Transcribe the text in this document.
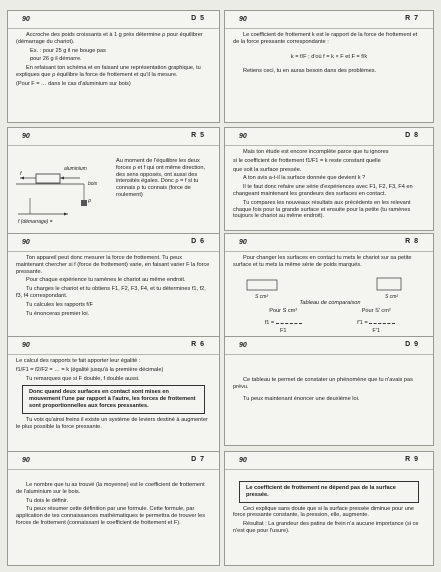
90	D 5

Accroche des poids croissants et à 1 g près détermine ρ pour équilibrer (démarrage du chariot).

Ex. : pour 25 g il ne bouge pas

pour 26 g il démarre.

En refaisant ton schéma et en faisant une représentation graphique, tu expliques que ρ équilibre la force de frottement et qu'il la mesure.

(Pour F = … dans le cas d'aluminium sur bois)

90	R 5
aluminium
bois
f
ρ
f (démarrage) =

Au moment de l'équilibre les deux forces ρ et f qui ont même direction, des sens opposés, ont aussi des intensités égales. Donc ρ = f si tu connais ρ tu connais (force de roulement)

90	D 6

Ton appareil peut donc mesurer la force de frottement. Tu peux maintenant chercher si f (force de frottement) varie, en faisant varier F la force pressante.

Pour chaque expérience tu ramènes le chariot au même endroit.

Tu charges le chariot et tu obtiens F1, F2, F3, F4, et tu détermines f1, f2, f3, f4 correspondant.

Tu calcules les rapports f/F

Tu énonceras premier loi.

90	R 6

Le calcul des rapports te fait apporter leur égalité :

f1/F1 = f2/F2 = … = k (égalité jusqu'à la première décimale)

Tu remarques que si F double, f double aussi.

Donc quand deux surfaces en contact sont mises en mouvement l'une par rapport à l'autre, les forces de frottement sont proportionnelles aux forces pressantes.

Tu vois qu'ainsi freins il existe un système de leviers destiné à augmenter le plus possible la force pressante.

90	D 7

Le nombre que tu as trouvé (la moyenne) est le coefficient de frottement de l'aluminium sur le bois.

Tu dois le définir.

Tu peux résumer cette définition par une formule. Cette formule, par application de tes connaissances mathématiques te permettra de trouver les forces de frottement (connaissant le coefficient de frottement et F).

90	R 7

Le coefficient de frottement k est le rapport de la force de frottement et de la force pressante correspondante :

k = f/F ; d'où f = k × F et F = f/k

Retiens ceci, tu en auras besoin dans des problèmes.

90	D 8

Mais ton étude est encore incomplète parce que tu ignores

si le coefficient de frottement f1/F1 = k reste constant quelle

que soit la surface pressée.

A ton avis a-t-il la surface donnée que devient k ?

Il te faut donc refaire une série d'expériences avec F1, F2, F3, F4 en changeant maintenant les grandeurs des surfaces en contact.

Tu compares les nouveaux résultats aux précédents en les relevant chaque fois pour la grande surface et ensuite pour la petite (tu ramènes toujours le chariot au même endroit).

90	R 8

Pour changer les surfaces en contact tu mets le chariot sur sa petite surface et tu mets la même série de poids marqués.

S cm²	S cm²
Tableau de comparaison
Pour S cm²	Pour S' cm²
f1 =	f'1 =
F1	F'1
90	D 9

Ce tableau te permet de constater un phénomène que tu n'avais pas prévu.

Tu peux maintenant énoncer une deuxième loi.

90	R 9
Le coefficient de frottement ne dépend pas de la surface pressée.

Ceci explique sans doute que si la surface pressée diminue pour une force pressante constante, la pression, elle, augmente.

Résultat : La grandeur des patins de frein n'a aucune importance (si ce n'est que pour l'usure).
